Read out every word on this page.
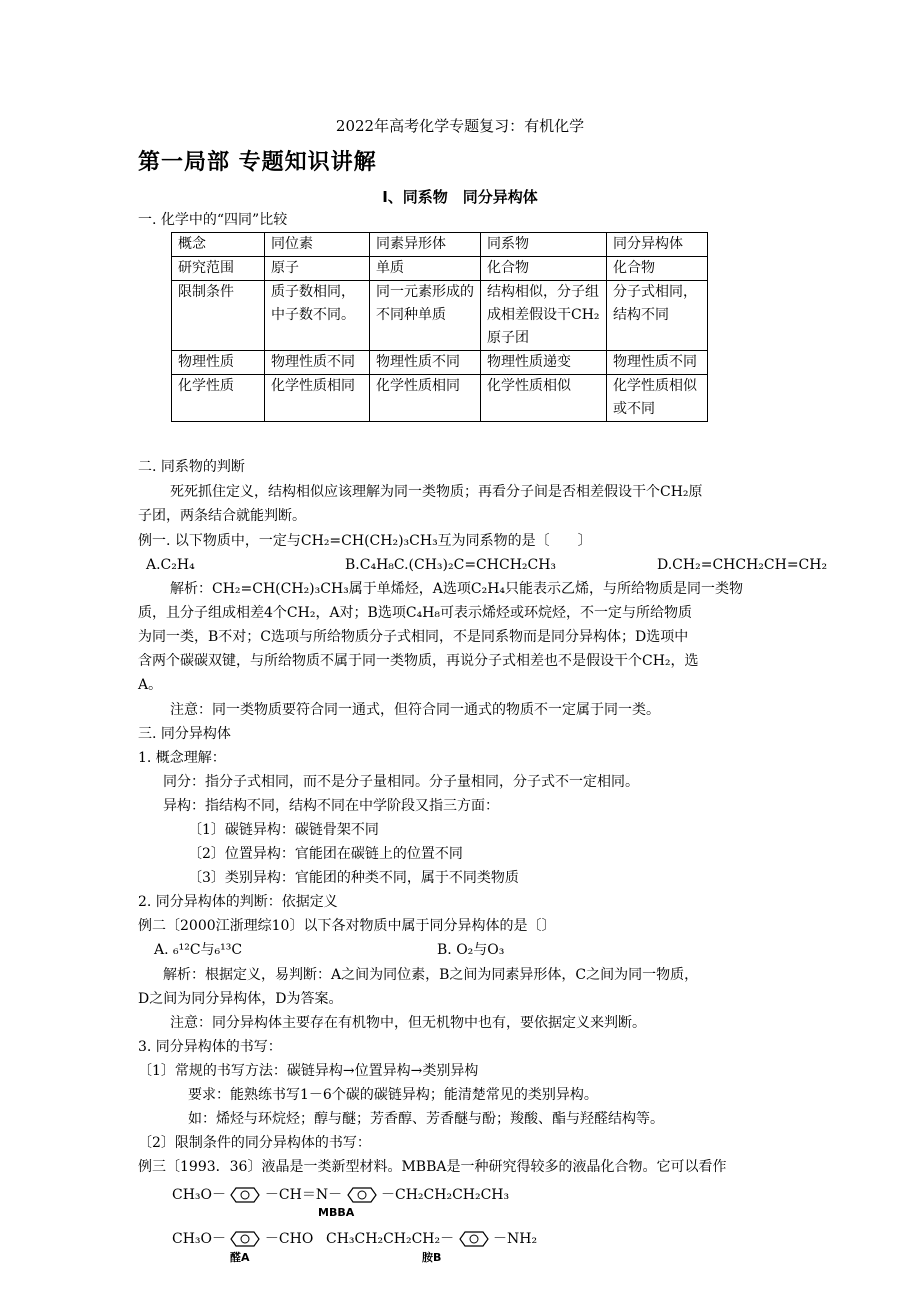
2022年高考化学专题复习：有机化学
第一局部 专题知识讲解
Ⅰ、同系物　同分异构体
一. 化学中的“四同”比较
概念	同位素	同素异形体	同系物	同分异构体
研究范围	原子	单质	化合物	化合物
限制条件	质子数相同，中子数不同。	同一元素形成的不同种单质	结构相似，分子组成相差假设干CH₂原子团	分子式相同，结构不同
物理性质	物理性质不同	物理性质不同	物理性质递变	物理性质不同
化学性质	化学性质相同	化学性质相同	化学性质相似	化学性质相似或不同
二. 同系物的判断
死死抓住定义，结构相似应该理解为同一类物质；再看分子间是否相差假设干个CH₂原
子团，两条结合就能判断。
例一. 以下物质中，一定与CH₂=CH(CH₂)₃CH₃互为同系物的是〔　　〕
A.C₂H₄	B.C₄H₈C.(CH₃)₂C=CHCH₂CH₃	D.CH₂=CHCH₂CH=CH₂
解析：CH₂=CH(CH₂)₃CH₃属于单烯烃，A选项C₂H₄只能表示乙烯，与所给物质是同一类物
质，且分子组成相差4个CH₂，A对；B选项C₄H₈可表示烯烃或环烷烃，不一定与所给物质
为同一类，B不对；C选项与所给物质分子式相同，不是同系物而是同分异构体；D选项中
含两个碳碳双键，与所给物质不属于同一类物质，再说分子式相差也不是假设干个CH₂，选
A。
注意：同一类物质要符合同一通式，但符合同一通式的物质不一定属于同一类。
三. 同分异构体
1. 概念理解：
同分：指分子式相同，而不是分子量相同。分子量相同，分子式不一定相同。
异构：指结构不同，结构不同在中学阶段又指三方面：
〔1〕碳链异构：碳链骨架不同
〔2〕位置异构：官能团在碳链上的位置不同
〔3〕类别异构：官能团的种类不同，属于不同类物质
2. 同分异构体的判断：依据定义
例二〔2000江浙理综10〕以下各对物质中属于同分异构体的是〔〕
A. ₆¹²C与₆¹³C	B. O₂与O₃
解析：根据定义，易判断：A之间为同位素，B之间为同素异形体，C之间为同一物质，
D之间为同分异构体，D为答案。
注意：同分异构体主要存在有机物中，但无机物中也有，要依据定义来判断。
3. 同分异构体的书写：
〔1〕常规的书写方法：碳链异构→位置异构→类别异构
要求：能熟练书写1－6个碳的碳链异构；能清楚常见的类别异构。
如：烯烃与环烷烃；醇与醚；芳香醇、芳香醚与酚；羧酸、酯与羟醛结构等。
〔2〕限制条件的同分异构体的书写：
例三〔1993．36〕液晶是一类新型材料。MBBA是一种研究得较多的液晶化合物。它可以看作
CH₃O－	－CH＝N－	－CH₂CH₂CH₂CH₃
MBBA
CH₃O－	－CHO
醛A
CH₃CH₂CH₂CH₂－	－NH₂
胺B
